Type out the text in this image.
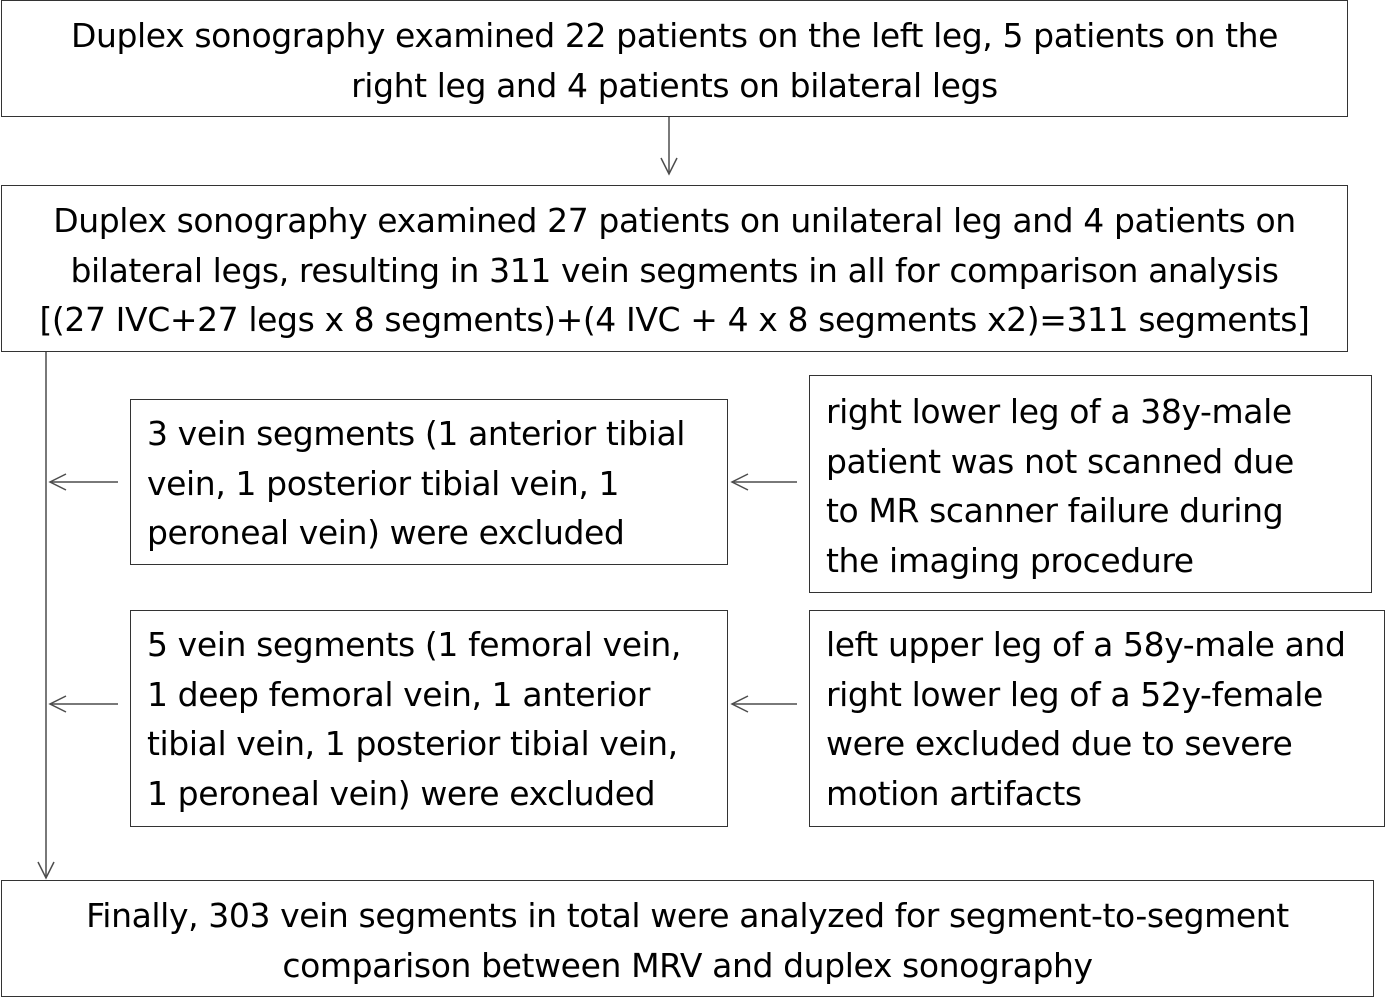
Duplex sonography examined 22 patients on the left leg, 5 patients on the

right leg and 4 patients on bilateral legs

Duplex sonography examined 27 patients on unilateral leg and 4 patients on

bilateral legs, resulting in 311 vein segments in all for comparison analysis

[(27 IVC+27 legs x 8 segments)+(4 IVC + 4 x 8 segments x2)=311 segments]

3 vein segments (1 anterior tibial

vein, 1 posterior tibial vein, 1

peroneal vein) were excluded

right lower leg of a 38y-male

patient was not scanned due

to MR scanner failure during

the imaging procedure

5 vein segments (1 femoral vein,

1 deep femoral vein, 1 anterior

tibial vein, 1 posterior tibial vein,

1 peroneal vein) were excluded

left upper leg of a 58y-male and

right lower leg of a 52y-female

were excluded due to severe

motion artifacts

Finally, 303 vein segments in total were analyzed for segment-to-segment

comparison between MRV and duplex sonography
